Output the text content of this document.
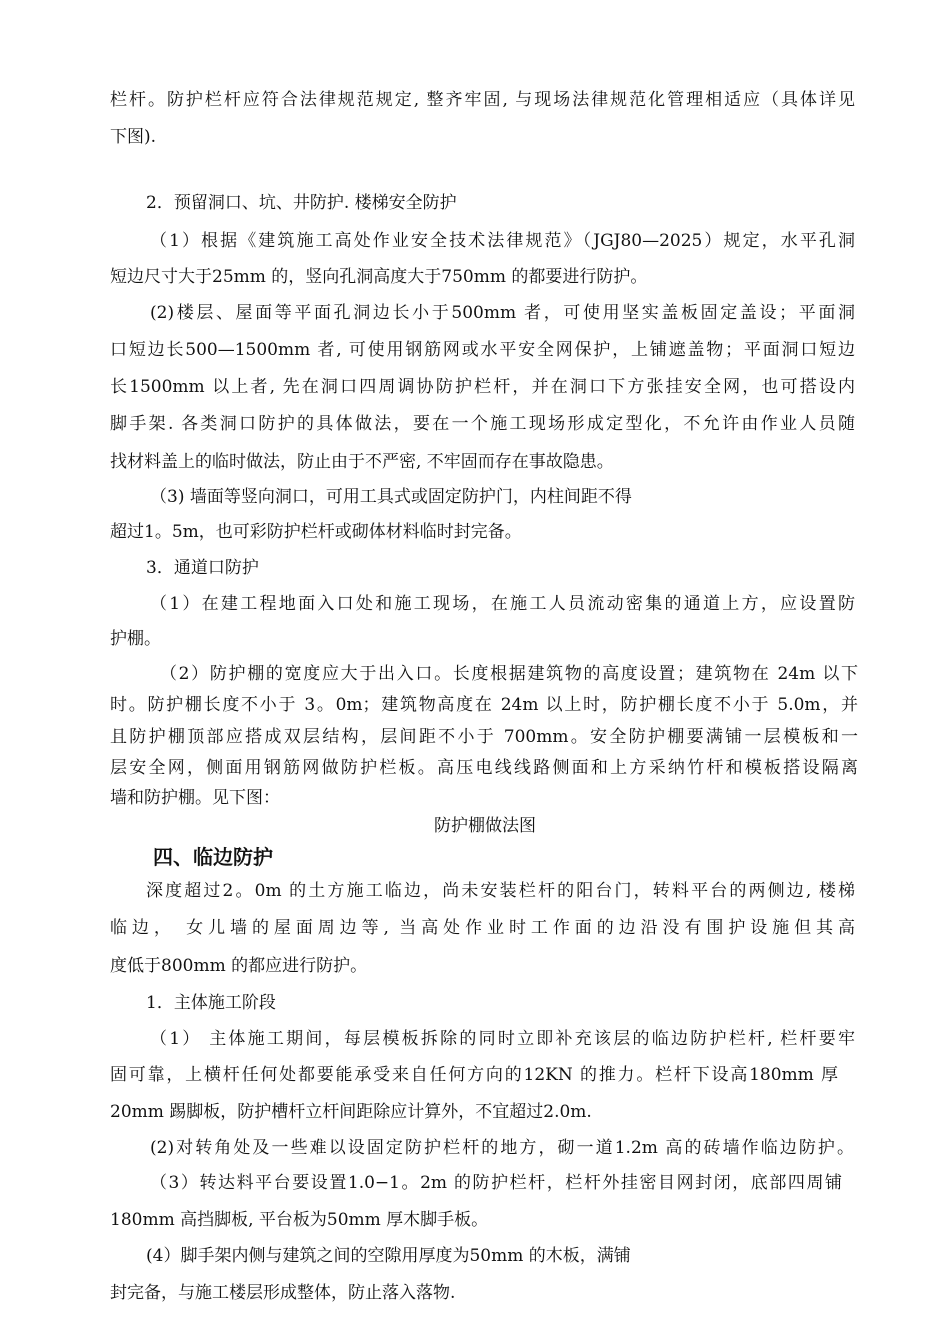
栏杆。防护栏杆应符合法律规范规定, 整齐牢固, 与现场法律规范化管理相适应（具体详见
下图).
2．预留洞口、坑、井防护. 楼梯安全防护
（1）根据《建筑施工高处作业安全技术法律规范》（JGJ80—2025）规定，水平孔洞
短边尺寸大于25mm 的，竖向孔洞高度大于750mm 的都要进行防护。
(2)楼层、屋面等平面孔洞边长小于500mm 者，可使用坚实盖板固定盖设；平面洞
口短边长500—1500mm 者, 可使用钢筋网或水平安全网保护，上铺遮盖物；平面洞口短边
长1500mm 以上者, 先在洞口四周调协防护栏杆，并在洞口下方张挂安全网，也可搭设内
脚手架. 各类洞口防护的具体做法，要在一个施工现场形成定型化，不允许由作业人员随
找材料盖上的临时做法，防止由于不严密, 不牢固而存在事故隐患。
（3) 墙面等竖向洞口，可用工具式或固定防护门，内柱间距不得
超过1。5m，也可彩防护栏杆或砌体材料临时封完备。
3．通道口防护
（1）在建工程地面入口处和施工现场，在施工人员流动密集的通道上方，应设置防
护棚。
（2）防护棚的宽度应大于出入口。长度根据建筑物的高度设置；建筑物在 24m 以下
时。防护棚长度不小于 3。0m；建筑物高度在 24m 以上时，防护棚长度不小于 5.0m，并
且防护棚顶部应搭成双层结构，层间距不小于 700mm。安全防护棚要满铺一层模板和一
层安全网，侧面用钢筋网做防护栏板。高压电线线路侧面和上方采纳竹杆和模板搭设隔离
墙和防护棚。见下图：
防护棚做法图
四、临边防护
深度超过2。0m 的土方施工临边，尚未安装栏杆的阳台门，转料平台的两侧边, 楼梯
临边， 女儿墙的屋面周边等, 当高处作业时工作面的边沿没有围护设施但其高
度低于800mm 的都应进行防护。
1．主体施工阶段
（1） 主体施工期间，每层模板拆除的同时立即补充该层的临边防护栏杆, 栏杆要牢
固可靠，上横杆任何处都要能承受来自任何方向的12KN 的推力。栏杆下设高180mm 厚
20mm 踢脚板，防护槽杆立杆间距除应计算外，不宜超过2.0m.
(2)对转角处及一些难以设固定防护栏杆的地方，砌一道1.2m 高的砖墙作临边防护。
（3）转达料平台要设置1.0−1。2m 的防护栏杆，栏杆外挂密目网封闭，底部四周铺
180mm 高挡脚板, 平台板为50mm 厚木脚手板。
(4）脚手架内侧与建筑之间的空隙用厚度为50mm 的木板，满铺
封完备，与施工楼层形成整体，防止落入落物.
